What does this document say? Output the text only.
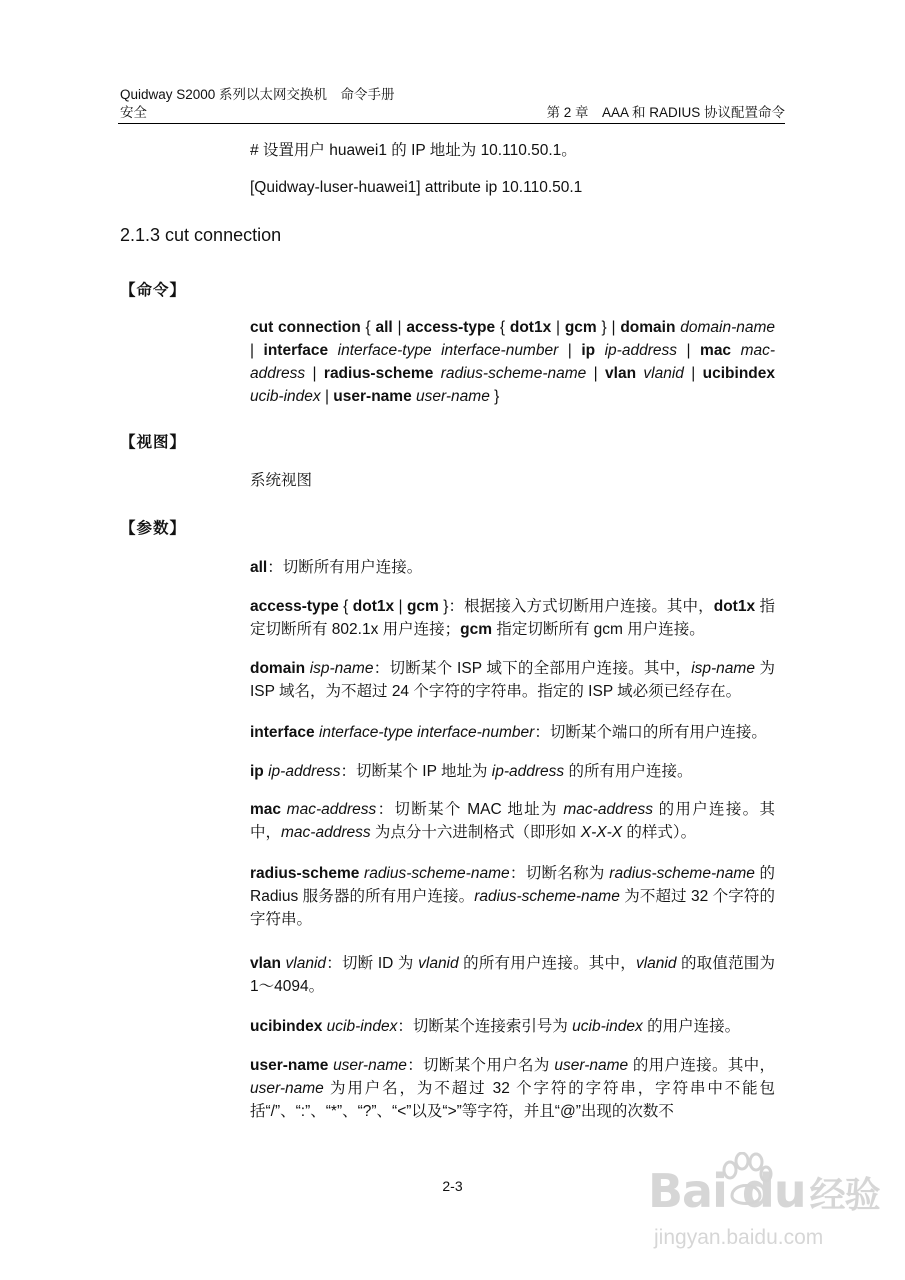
Quidway S2000 系列以太网交换机　命令手册
安全	第 2 章　AAA 和 RADIUS 协议配置命令

# 设置用户 huawei1 的 IP 地址为 10.110.50.1。

[Quidway-luser-huawei1] attribute ip 10.110.50.1

2.1.3 cut connection
【命令】

cut connection { all | access-type { dot1x | gcm } | domain domain-name | interface interface-type interface-number | ip ip-address | mac mac-address | radius-scheme radius-scheme-name | vlan vlanid | ucibindex ucib-index | user-name user-name }

【视图】

系统视图

【参数】

all：切断所有用户连接。

access-type { dot1x | gcm }：根据接入方式切断用户连接。其中，dot1x 指定切断所有 802.1x 用户连接；gcm 指定切断所有 gcm 用户连接。

domain isp-name：切断某个 ISP 域下的全部用户连接。其中，isp-name 为 ISP 域名，为不超过 24 个字符的字符串。指定的 ISP 域必须已经存在。

interface interface-type interface-number：切断某个端口的所有用户连接。

ip ip-address：切断某个 IP 地址为 ip-address 的所有用户连接。

mac mac-address：切断某个 MAC 地址为 mac-address 的用户连接。其中，mac-address 为点分十六进制格式（即形如 X-X-X 的样式）。

radius-scheme radius-scheme-name：切断名称为 radius-scheme-name 的 Radius 服务器的所有用户连接。radius-scheme-name 为不超过 32 个字符的字符串。

vlan vlanid：切断 ID 为 vlanid 的所有用户连接。其中，vlanid 的取值范围为 1～4094。

ucibindex ucib-index：切断某个连接索引号为 ucib-index 的用户连接。

user-name user-name：切断某个用户名为 user-name 的用户连接。其中，user-name 为用户名，为不超过 32 个字符的字符串，字符串中不能包括“/”、“:”、“*”、“?”、“<”以及“>”等字符，并且“@”出现的次数不

2-3	Bai du 经验
jingyan.baidu.com
